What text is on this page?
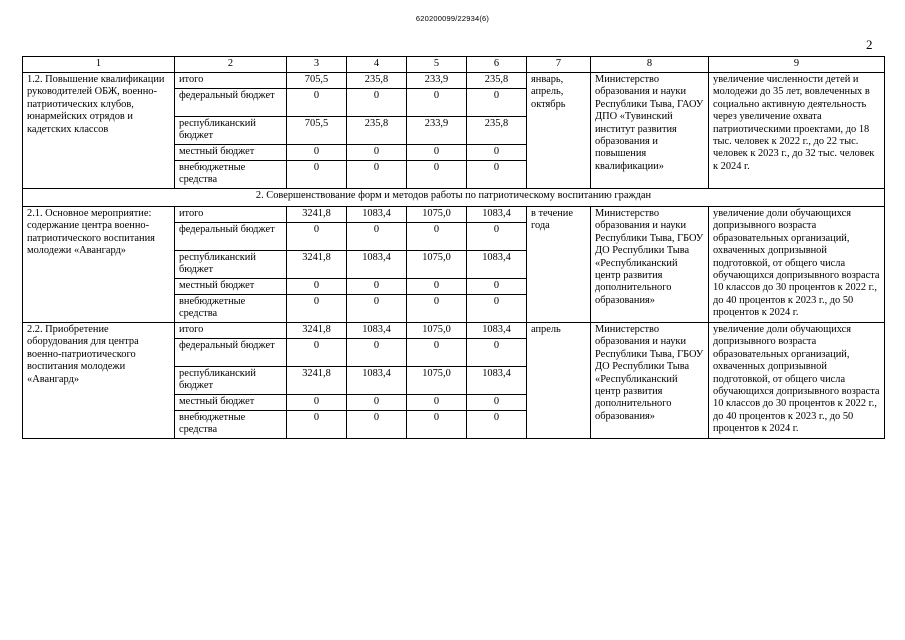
620200099/22934(6)
2
1	2	3	4	5	6	7	8	9
1.2. Повышение квалификации руководителей ОБЖ, военно-патриотических клубов, юнармейских отрядов и кадетских классов	итого	705,5	235,8	233,9	235,8	январь, апрель, октябрь	Министерство образования и науки Республики Тыва, ГАОУ ДПО «Тувинский институт развития образования и повышения квалификации»	увеличение численности детей и молодежи до 35 лет, вовлеченных в социально активную деятельность через увеличение охвата патриотическими проектами, до 18 тыс. человек к 2022 г., до 22 тыс. человек к 2023 г., до 32 тыс. человек к 2024 г.
	федеральный бюджет	0	0	0	0			
	республиканский бюджет	705,5	235,8	233,9	235,8			
	местный бюджет	0	0	0	0			
	внебюджетные средства	0	0	0	0			
2. Совершенствование форм и методов работы по патриотическому воспитанию граждан								
2.1. Основное мероприятие: содержание центра военно-патриотического воспитания молодежи «Авангард»	итого	3241,8	1083,4	1075,0	1083,4	в течение года	Министерство образования и науки Республики Тыва, ГБОУ ДО Республики Тыва «Республиканский центр развития дополнительного образования»	увеличение доли обучающихся допризывного возраста образовательных организаций, охваченных допризывной подготовкой, от общего числа обучающихся допризывного возраста 10 классов до 30 процентов к 2022 г., до 40 процентов к 2023 г., до 50 процентов к 2024 г.
	федеральный бюджет	0	0	0	0			
	республиканский бюджет	3241,8	1083,4	1075,0	1083,4			
	местный бюджет	0	0	0	0			
	внебюджетные средства	0	0	0	0			
2.2. Приобретение оборудования для центра военно-патриотического воспитания молодежи «Авангард»	итого	3241,8	1083,4	1075,0	1083,4	апрель	Министерство образования и науки Республики Тыва, ГБОУ ДО Республики Тыва «Республиканский центр развития дополнительного образования»	увеличение доли обучающихся допризывного возраста образовательных организаций, охваченных допризывной подготовкой, от общего числа обучающихся допризывного возраста 10 классов до 30 процентов к 2022 г., до 40 процентов к 2023 г., до 50 процентов к 2024 г.
	федеральный бюджет	0	0	0	0			
	республиканский бюджет	3241,8	1083,4	1075,0	1083,4			
	местный бюджет	0	0	0	0			
	внебюджетные средства	0	0	0	0			
